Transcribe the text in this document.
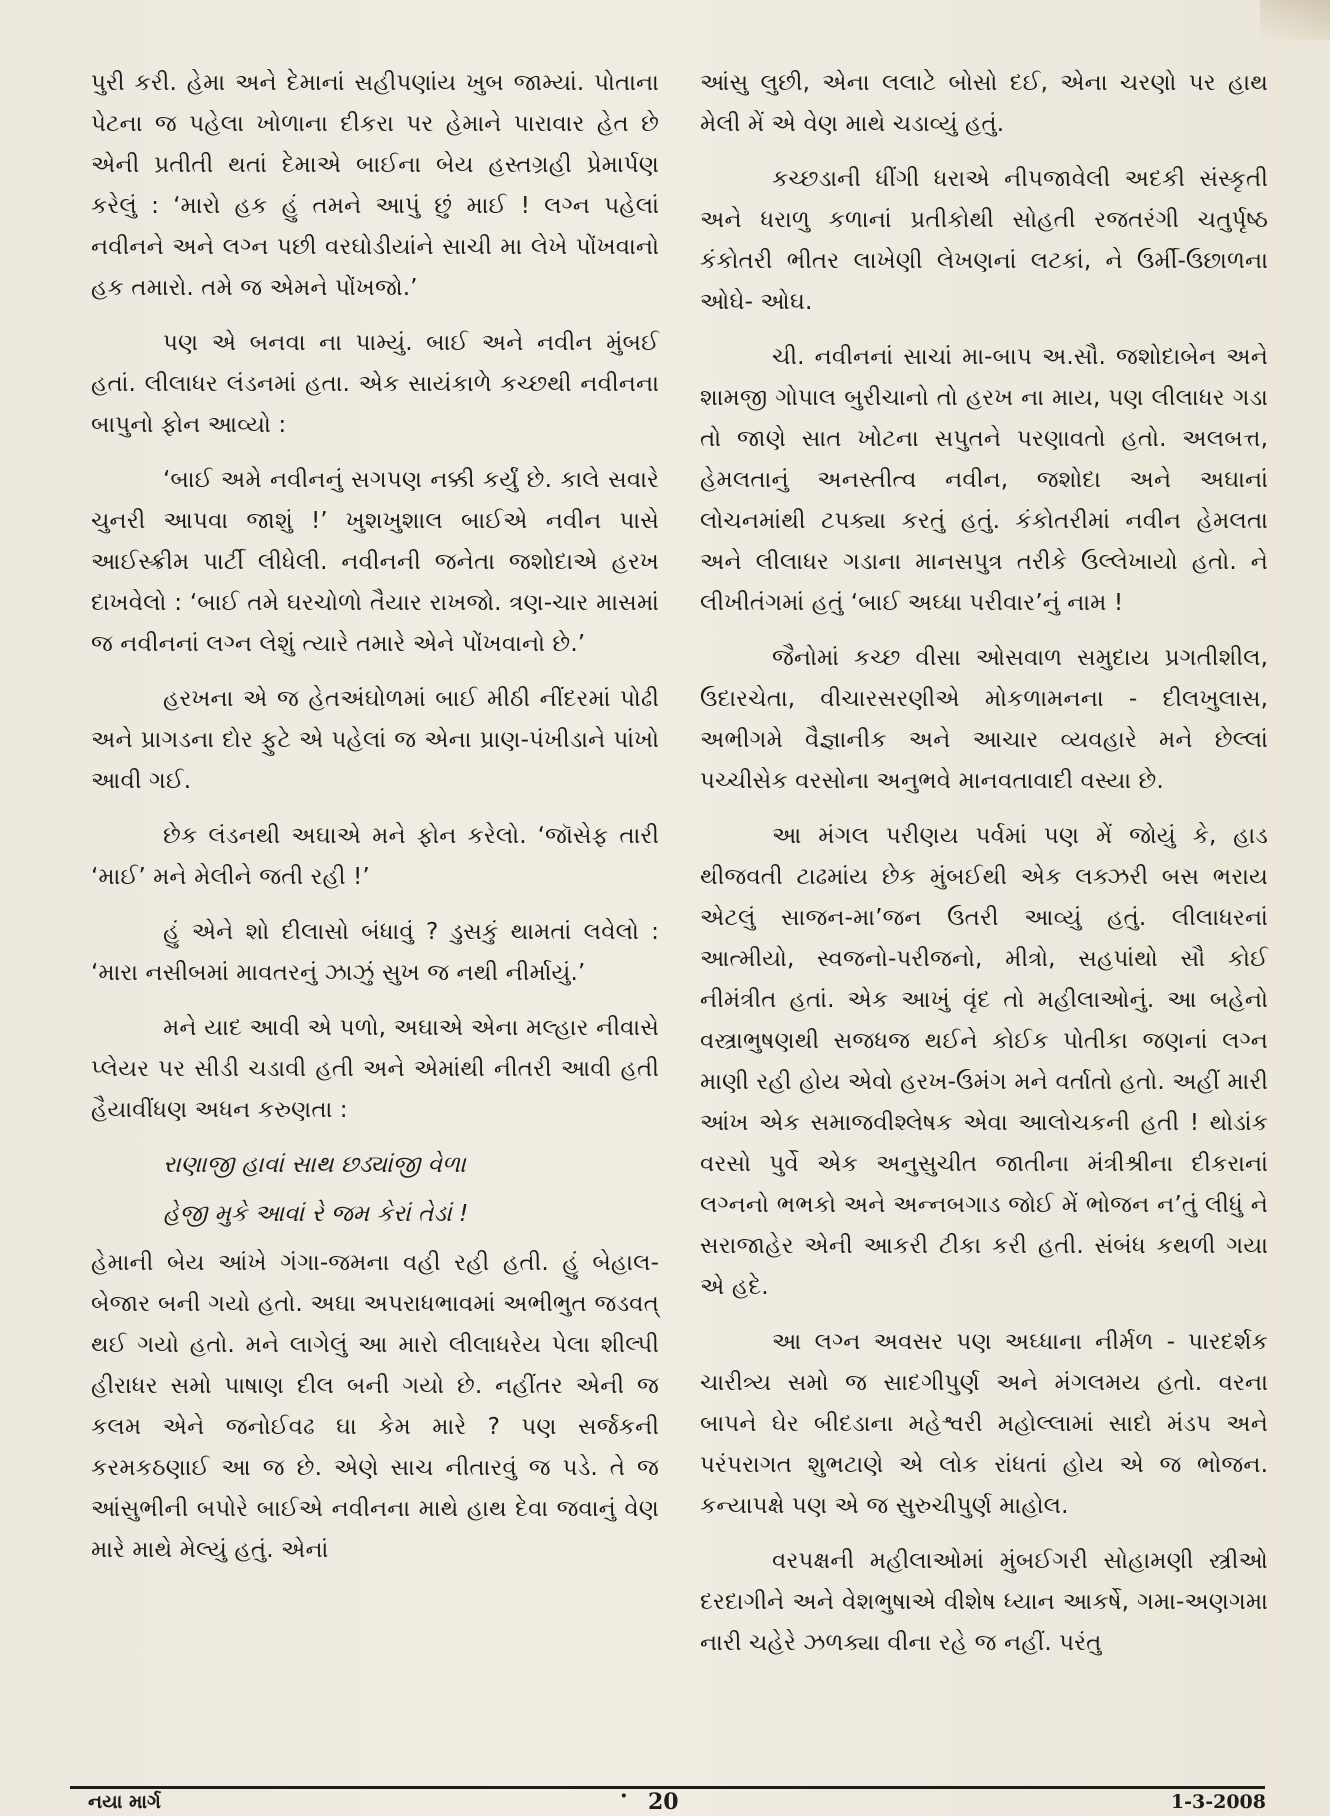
પુરી કરી. હેમા અને દેમાનાં સહીપણાંય ખુબ જામ્યાં. પોતાના પેટના જ પહેલા ખોળાના દીકરા પર હેમાને પારાવાર હેત છે એની પ્રતીતી થતાં દેમાએ બાઈના બેય હસ્તગ્રહી પ્રેમાર્પણ કરેલું : ‘મારો હક હું તમને આપું છું માઈ ! લગ્ન પહેલાં નવીનને અને લગ્ન પછી વરઘોડીયાંને સાચી મા લેખે પોંખવાનો હક તમારો. તમે જ એમને પોંખજો.’

પણ એ બનવા ના પામ્યું. બાઈ અને નવીન મુંબઈ હતાં. લીલાધર લંડનમાં હતા. એક સાયંકાળે કચ્છથી નવીનના બાપુનો ફોન આવ્યો :

‘બાઈ અમે નવીનનું સગપણ નક્કી કર્યું છે. કાલે સવારે ચુનરી આપવા જાશું !’ ખુશખુશાલ બાઈએ નવીન પાસે આઈસ્ક્રીમ પાર્ટી લીધેલી. નવીનની જનેતા જશોદાએ હરખ દાખવેલો : ‘બાઈ તમે ઘરચોળો તૈયાર રાખજો. ત્રણ-ચાર માસમાં જ નવીનનાં લગ્ન લેશું ત્યારે તમારે એને પોંખવાનો છે.’

હરખના એ જ હેતઅંઘોળમાં બાઈ મીઠી નીંદરમાં પોઢી અને પ્રાગડના દોર ફુટે એ પહેલાં જ એના પ્રાણ-પંખીડાને પાંખો આવી ગઈ.

છેક લંડનથી અઘાએ મને ફોન કરેલો. ‘જૉસેફ તારી ‘માઈ’ મને મેલીને જતી રહી !’

હું એને શો દીલાસો બંધાવું ? ડુસકું થામતાં લવેલો : ‘મારા નસીબમાં માવતરનું ઝાઝું સુખ જ નથી નીર્માયું.’

મને યાદ આવી એ પળો, અઘાએ એના મલ્હાર નીવાસે પ્લેયર પર સીડી ચડાવી હતી અને એમાંથી નીતરી આવી હતી હૈયાવીંધણ અધન કરુણતા :

રાણાજી હાવાં સાથ છડ્યાંજી વેળા

હેજી મુકે આવાં રે જમ કેરાં તેડાં !

હેમાની બેય આંખે ગંગા-જમના વહી રહી હતી. હું બેહાલ-બેજાર બની ગયો હતો. અઘા અપરાધભાવમાં અભીભુત જડવત્ થઈ ગયો હતો. મને લાગેલું આ મારો લીલાધરેય પેલા શીલ્પી હીરાધર સમો પાષાણ દીલ બની ગયો છે. નહીંતર એની જ કલમ એને જનોઈવઢ ઘા કેમ મારે ? પણ સર્જકની કરમકઠણાઈ આ જ છે. એણે સાચ નીતારવું જ પડે. તે જ આંસુભીની બપોરે બાઈએ નવીનના માથે હાથ દેવા જવાનું વેણ મારે માથે મેલ્યું હતું. એનાં

આંસુ લુછી, એના લલાટે બોસો દઈ, એના ચરણો પર હાથ મેલી મેં એ વેણ માથે ચડાવ્યું હતું.

કચ્છડાની ધીંગી ધરાએ નીપજાવેલી અદકી સંસ્કૃતી અને ધરાળુ કળાનાં પ્રતીકોથી સોહતી રજતરંગી ચતુર્પૃષ્ઠ કંકોતરી ભીતર લાખેણી લેખણનાં લટકાં, ને ઉર્મી-ઉછાળના ઓઘે- ઓઘ.

ચી. નવીનનાં સાચાં મા-બાપ અ.સૌ. જશોદાબેન અને શામજી ગોપાલ બુરીચાનો તો હરખ ના માય, પણ લીલાધર ગડા તો જાણે સાત ખોટના સપુતને પરણાવતો હતો. અલબત્ત, હેમલતાનું અનસ્તીત્વ નવીન, જશોદા અને અઘાનાં લોચનમાંથી ટપક્યા કરતું હતું. કંકોતરીમાં નવીન હેમલતા અને લીલાધર ગડાના માનસપુત્ર તરીકે ઉલ્લેખાયો હતો. ને લીખીતંગમાં હતું ‘બાઈ અઘ્ધા પરીવાર’નું નામ !

જૈનોમાં કચ્છ વીસા ઓસવાળ સમુદાય પ્રગતીશીલ, ઉદારચેતા, વીચારસરણીએ મોકળામનના - દીલખુલાસ, અભીગમે વૈજ્ઞાનીક અને આચાર વ્યવહારે મને છેલ્લાં પચ્ચીસેક વરસોના અનુભવે માનવતાવાદી વસ્યા છે.

આ મંગલ પરીણય પર્વમાં પણ મેં જોયું કે, હાડ થીજવતી ટાઢમાંય છેક મુંબઈથી એક લક્ઝરી બસ ભરાય એટલું સાજન-મા’જન ઉતરી આવ્યું હતું. લીલાધરનાં આત્મીયો, સ્વજનો-પરીજનો, મીત્રો, સહપાંથો સૌ કોઈ નીમંત્રીત હતાં. એક આખું વૃંદ તો મહીલાઓનું. આ બહેનો વસ્ત્રાભુષણથી સજધજ થઈને કોઈક પોતીકા જણનાં લગ્ન માણી રહી હોય એવો હરખ-ઉમંગ મને વર્તાતો હતો. અહીં મારી આંખ એક સમાજવીશ્લેષક એવા આલોચકની હતી ! થોડાંક વરસો પુર્વે એક અનુસુચીત જાતીના મંત્રીશ્રીના દીકરાનાં લગ્નનો ભભકો અને અન્નબગાડ જોઈ મેં ભોજન ન’તું લીધું ને સરાજાહેર એની આકરી ટીકા કરી હતી. સંબંધ કથળી ગયા એ હદે.

આ લગ્ન અવસર પણ અઘ્ધાના નીર્મળ - પારદર્શક ચારીત્ર્ય સમો જ સાદગીપુર્ણ અને મંગલમય હતો. વરના બાપને ઘેર બીદડાના મહેશ્વરી મહોલ્લામાં સાદો મંડપ અને પરંપરાગત શુભટાણે એ લોક રાંધતાં હોય એ જ ભોજન. કન્યાપક્ષે પણ એ જ સુરુચીપુર્ણ માહોલ.

વરપક્ષની મહીલાઓમાં મુંબઈગરી સોહામણી સ્ત્રીઓ દરદાગીને અને વેશભુષાએ વીશેષ ધ્યાન આકર્ષે, ગમા-અણગમા નારી ચહેરે ઝળક્યા વીના રહે જ નહીં. પરંતુ

નયા માર્ગ	· 20	1-3-2008
